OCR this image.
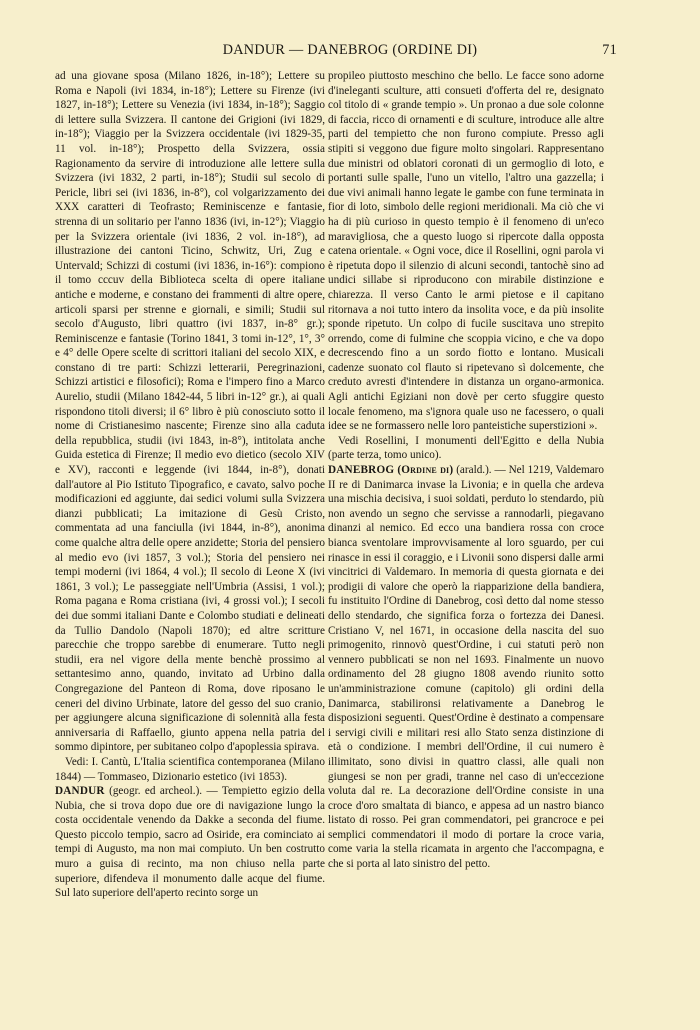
DANDUR — DANEBROG (ORDINE DI)	71

ad una giovane sposa (Milano 1826, in-18°); Lettere su Roma e Napoli (ivi 1834, in-18°); Lettere su Firenze (ivi 1827, in-18°); Lettere su Venezia (ivi 1834, in-18°); Saggio di lettere sulla Svizzera. Il cantone dei Grigioni (ivi 1829, in-18°); Viaggio per la Svizzera occidentale (ivi 1829-35, 11 vol. in-18°); Prospetto della Svizzera, ossia Ragionamento da servire di introduzione alle lettere sulla Svizzera (ivi 1832, 2 parti, in-18°); Studii sul secolo di Pericle, libri sei (ivi 1836, in-8°), col volgarizzamento dei XXX caratteri di Teofrasto; Reminiscenze e fantasie, strenna di un solitario per l'anno 1836 (ivi, in-12°); Viaggio per la Svizzera orientale (ivi 1836, 2 vol. in-18°), ad illustrazione dei cantoni Ticino, Schwitz, Uri, Zug e Untervald; Schizzi di costumi (ivi 1836, in-16°): compiono il tomo cccuv della Biblioteca scelta di opere italiane antiche e moderne, e constano dei frammenti di altre opere, articoli sparsi per strenne e giornali, e simili; Studii sul secolo d'Augusto, libri quattro (ivi 1837, in-8° gr.); Reminiscenze e fantasie (Torino 1841, 3 tomi in-12°, 1°, 3° e 4° delle Opere scelte di scrittori italiani del secolo XIX, e constano di tre parti: Schizzi letterarii, Peregrinazioni, Schizzi artistici e filosofici); Roma e l'impero fino a Marco Aurelio, studii (Milano 1842-44, 5 libri in-12° gr.), ai quali rispondono titoli diversi; il 6° libro è più conosciuto sotto il nome di Cristianesimo nascente; Firenze sino alla caduta della repubblica, studii (ivi 1843, in-8°), intitolata anche Guida estetica di Firenze; Il medio evo dietico (secolo XIV e XV), racconti e leggende (ivi 1844, in-8°), donati dall'autore al Pio Istituto Tipografico, e cavato, salvo poche modificazioni ed aggiunte, dai sedici volumi sulla Svizzera dianzi pubblicati; La imitazione di Gesù Cristo, commentata ad una fanciulla (ivi 1844, in-8°), anonima come qualche altra delle opere anzidette; Storia del pensiero al medio evo (ivi 1857, 3 vol.); Storia del pensiero nei tempi moderni (ivi 1864, 4 vol.); Il secolo di Leone X (ivi 1861, 3 vol.); Le passeggiate nell'Umbria (Assisi, 1 vol.); Roma pagana e Roma cristiana (ivi, 4 grossi vol.); I secoli dei due sommi italiani Dante e Colombo studiati e delineati da Tullio Dandolo (Napoli 1870); ed altre scritture parecchie che troppo sarebbe di enumerare. Tutto negli studii, era nel vigore della mente benchè prossimo al settantesimo anno, quando, invitato ad Urbino dalla Congregazione del Panteon di Roma, dove riposano le ceneri del divino Urbinate, latore del gesso del suo cranio, per aggiungere alcuna significazione di solennità alla festa anniversaria di Raffaello, giunto appena nella patria del sommo dipintore, per subitaneo colpo d'apoplessia spirava.

Vedi: I. Cantù, L'Italia scientifica contemporanea (Milano 1844) — Tommaseo, Dizionario estetico (ivi 1853).

DANDUR (geogr. ed archeol.). — Tempietto egizio della Nubia, che si trova dopo due ore di navigazione lungo la costa occidentale venendo da Dakke a seconda del fiume. Questo piccolo tempio, sacro ad Osiride, era cominciato ai tempi di Augusto, ma non mai compiuto. Un ben costrutto muro a guisa di recinto, ma non chiuso nella parte superiore, difendeva il monumento dalle acque del fiume. Sul lato superiore dell'aperto recinto sorge un

propileo piuttosto meschino che bello. Le facce sono adorne d'ineleganti sculture, atti consueti d'offerta del re, designato col titolo di « grande tempio ». Un pronao a due sole colonne di faccia, ricco di ornamenti e di sculture, introduce alle altre parti del tempietto che non furono compiute. Presso agli stipiti si veggono due figure molto singolari. Rappresentano due ministri od oblatori coronati di un germoglio di loto, e portanti sulle spalle, l'uno un vitello, l'altro una gazzella; i due vivi animali hanno legate le gambe con fune terminata in fior di loto, simbolo delle regioni meridionali. Ma ciò che vi ha di più curioso in questo tempio è il fenomeno di un'eco maravigliosa, che a questo luogo si ripercote dalla opposta catena orientale. « Ogni voce, dice il Rosellini, ogni parola vi è ripetuta dopo il silenzio di alcuni secondi, tantochè sino ad undici sillabe si riproducono con mirabile distinzione e chiarezza. Il verso Canto le armi pietose e il capitano ritornava a noi tutto intero da insolita voce, e da più insolite sponde ripetuto. Un colpo di fucile suscitava uno strepito orrendo, come di fulmine che scoppia vicino, e che va dopo decrescendo fino a un sordo fiotto e lontano. Musicali cadenze suonato col flauto si ripetevano sì dolcemente, che creduto avresti d'intendere in distanza un organo-armonica. Agli antichi Egiziani non dovè per certo sfuggire questo locale fenomeno, ma s'ignora quale uso ne facessero, o quali idee se ne formassero nelle loro panteistiche superstizioni ».

Vedi Rosellini, I monumenti dell'Egitto e della Nubia (parte terza, tomo unico).

DANEBROG (Ordine di) (arald.). — Nel 1219, Valdemaro II re di Danimarca invase la Livonia; e in quella che ardeva una mischia decisiva, i suoi soldati, perduto lo stendardo, più non avendo un segno che servisse a rannodarli, piegavano dinanzi al nemico. Ed ecco una bandiera rossa con croce bianca sventolare improvvisamente al loro sguardo, per cui rinasce in essi il coraggio, e i Livonii sono dispersi dalle armi vincitrici di Valdemaro. In memoria di questa giornata e dei prodigii di valore che operò la riapparizione della bandiera, fu instituito l'Ordine di Danebrog, così detto dal nome stesso dello stendardo, che significa forza o fortezza dei Danesi. Cristiano V, nel 1671, in occasione della nascita del suo primogenito, rinnovò quest'Ordine, i cui statuti però non vennero pubblicati se non nel 1693. Finalmente un nuovo ordinamento del 28 giugno 1808 avendo riunito sotto un'amministrazione comune (capitolo) gli ordini della Danimarca, stabilironsi relativamente a Danebrog le disposizioni seguenti. Quest'Ordine è destinato a compensare i servigi civili e militari resi allo Stato senza distinzione di età o condizione. I membri dell'Ordine, il cui numero è illimitato, sono divisi in quattro classi, alle quali non giungesi se non per gradi, tranne nel caso di un'eccezione voluta dal re. La decorazione dell'Ordine consiste in una croce d'oro smaltata di bianco, e appesa ad un nastro bianco listato di rosso. Pei gran commendatori, pei grancroce e pei semplici commendatori il modo di portare la croce varia, come varia la stella ricamata in argento che l'accompagna, e che si porta al lato sinistro del petto.
